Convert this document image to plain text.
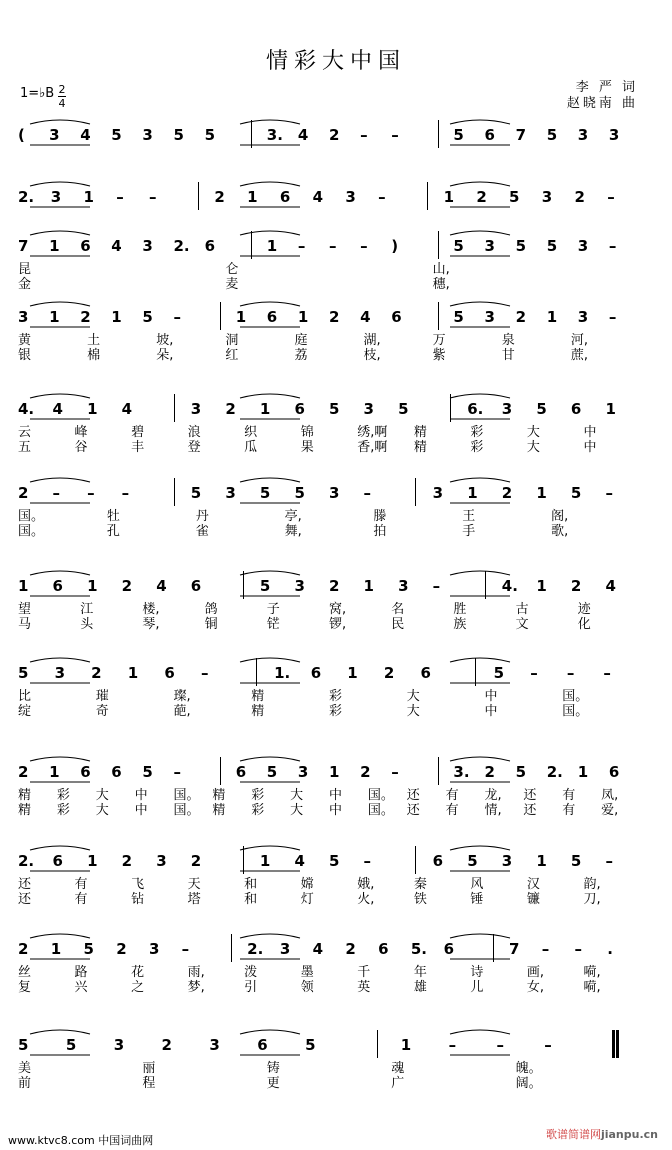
情彩大中国
1=♭B 2
4
李 严 词
赵晓南 曲
( 3 4 5 3 5 5	3. 4 2 – –	5 6 7 5 3 3
2. 3 1 – –	2 1 6 4 3 –	1 2 5 3 2 –
7 1 6 4 3 2. 6	1 – – – )	5 3 5 5 3 –
昆	仑	山,
金	麦	穗,
3 1 2 1 5 –	1 6 1 2 4 6	5 3 2 1 3 –
黄	土	坡,	洞	庭	湖,	万	泉	河,
银	棉	朵,	红	荔	枝,	紫	甘	蔗,
4. 4 1 4	3 2 1 6 5 3 5	6. 3 5 6 1
云	峰	碧	浪	织	锦	绣,啊 精	彩	大	中
五	谷	丰	登	瓜	果	香,啊 精	彩	大	中
2 – – –	5 3 5 5 3 –	3 1 2 1 5 –
国。	牡	丹	亭,	滕	王	阁,
国。	孔	雀	舞,	拍	手	歌,
1 6 1 2 4 6	5 3 2 1 3 –	4. 1 2 4
望	江	楼,	鸽	子	窝,	名	胜	古	迹
马	头	琴,	铜	铓	锣,	民	族	文	化
5 3 2 1 6 –	1. 6 1 2 6	5 – – –
比	璀	璨,	精	彩	大	中	国。
绽	奇	葩,	精	彩	大	中	国。
2 1 6 6 5 –	6 5 3 1 2 –	3. 2 5 2. 1 6
精 彩 大 中 国。 精 彩 大 中 国。 还 有 龙, 还 有 凤,
精 彩 大 中 国。 精 彩 大 中 国。 还 有 情, 还 有 爱,
2. 6 1 2 3 2	1 4 5 –	6 5 3 1 5 –
还	有	飞	天	和	嫦	娥,	秦	风	汉	韵,
还	有	钻	塔	和	灯	火,	铁	锤	镰	刀,
2 1 5 2 3 –	2. 3 4 2 6 5. 6	7 – – .
丝	路	花	雨,	泼	墨	千	年	诗	画,	嗬,
复	兴	之	梦,	引	领	英	雄	儿	女,	嗬,
5 5 3 2 3 6 5	1 –	–	–
美	丽	铸	魂	魄。
前	程	更	广	阔。
www.ktvc8.com 中国词曲网	歌谱简谱网jianpu.cn
